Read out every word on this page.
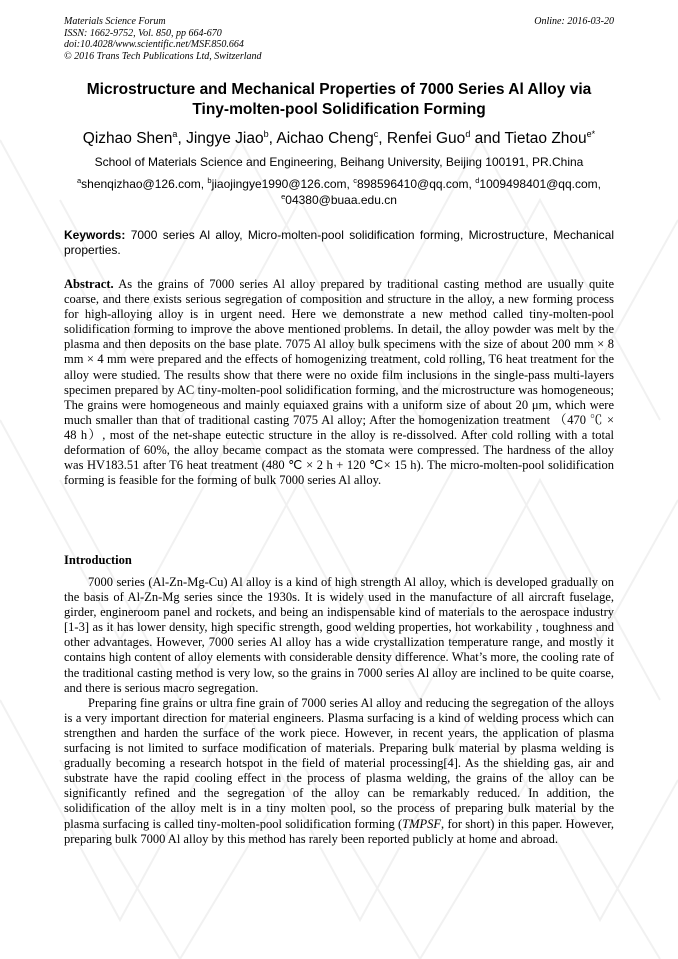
Materials Science Forum
ISSN: 1662-9752, Vol. 850, pp 664-670
doi:10.4028/www.scientific.net/MSF.850.664
© 2016 Trans Tech Publications Ltd, Switzerland
Online: 2016-03-20
Microstructure and Mechanical Properties of 7000 Series Al Alloy via
Tiny-molten-pool Solidification Forming
Qizhao Shen$^a$, Jingye Jiao$^b$, Aichao Cheng$^c$, Renfei Guo$^d$ and Tietao Zhou$^{e*}$
School of Materials Science and Engineering, Beihang University, Beijing 100191, PR.China
$^a$shenqizhao@126.com, $^b$jiaojingye1990@126.com, $^c$898596410@qq.com, $^d$1009498401@qq.com,
$^e$04380@buaa.edu.cn
Keywords: 7000 series Al alloy, Micro-molten-pool solidification forming, Microstructure, Mechanical properties.
Abstract. As the grains of 7000 series Al alloy prepared by traditional casting method are usually quite coarse, and there exists serious segregation of composition and structure in the alloy, a new forming process for high-alloying alloy is in urgent need. Here we demonstrate a new method called tiny-molten-pool solidification forming to improve the above mentioned problems. In detail, the alloy powder was melt by the plasma and then deposits on the base plate. 7075 Al alloy bulk specimens with the size of about 200 mm × 8 mm × 4 mm were prepared and the effects of homogenizing treatment, cold rolling, T6 heat treatment for the alloy were studied. The results show that there were no oxide film inclusions in the single-pass multi-layers specimen prepared by AC tiny-molten-pool solidification forming, and the microstructure was homogeneous; The grains were homogeneous and mainly equiaxed grains with a uniform size of about 20 μm, which were much smaller than that of traditional casting 7075 Al alloy; After the homogenization treatment （470 ℃ × 48 h）, most of the net-shape eutectic structure in the alloy is re-dissolved. After cold rolling with a total deformation of 60%, the alloy became compact as the stomata were compressed. The hardness of the alloy was HV183.51 after T6 heat treatment (480 ℃ × 2 h + 120 ℃× 15 h). The micro-molten-pool solidification forming is feasible for the forming of bulk 7000 series Al alloy.
Introduction

7000 series (Al-Zn-Mg-Cu) Al alloy is a kind of high strength Al alloy, which is developed gradually on the basis of Al-Zn-Mg series since the 1930s. It is widely used in the manufacture of all aircraft fuselage, girder, engineroom panel and rockets, and being an indispensable kind of materials to the aerospace industry [1-3] as it has lower density, high specific strength, good welding properties, hot workability , toughness and other advantages. However, 7000 series Al alloy has a wide crystallization temperature range, and mostly it contains high content of alloy elements with considerable density difference. What’s more, the cooling rate of the traditional casting method is very low, so the grains in 7000 series Al alloy are inclined to be quite coarse, and there is serious macro segregation.

Preparing fine grains or ultra fine grain of 7000 series Al alloy and reducing the segregation of the alloys is a very important direction for material engineers. Plasma surfacing is a kind of welding process which can strengthen and harden the surface of the work piece. However, in recent years, the application of plasma surfacing is not limited to surface modification of materials. Preparing bulk material by plasma welding is gradually becoming a research hotspot in the field of material processing[4]. As the shielding gas, air and substrate have the rapid cooling effect in the process of plasma welding, the grains of the alloy can be significantly refined and the segregation of the alloy can be remarkably reduced. In addition, the solidification of the alloy melt is in a tiny molten pool, so the process of preparing bulk material by the plasma surfacing is called tiny-molten-pool solidification forming (TMPSF, for short) in this paper. However, preparing bulk 7000 Al alloy by this method has rarely been reported publicly at home and abroad.
